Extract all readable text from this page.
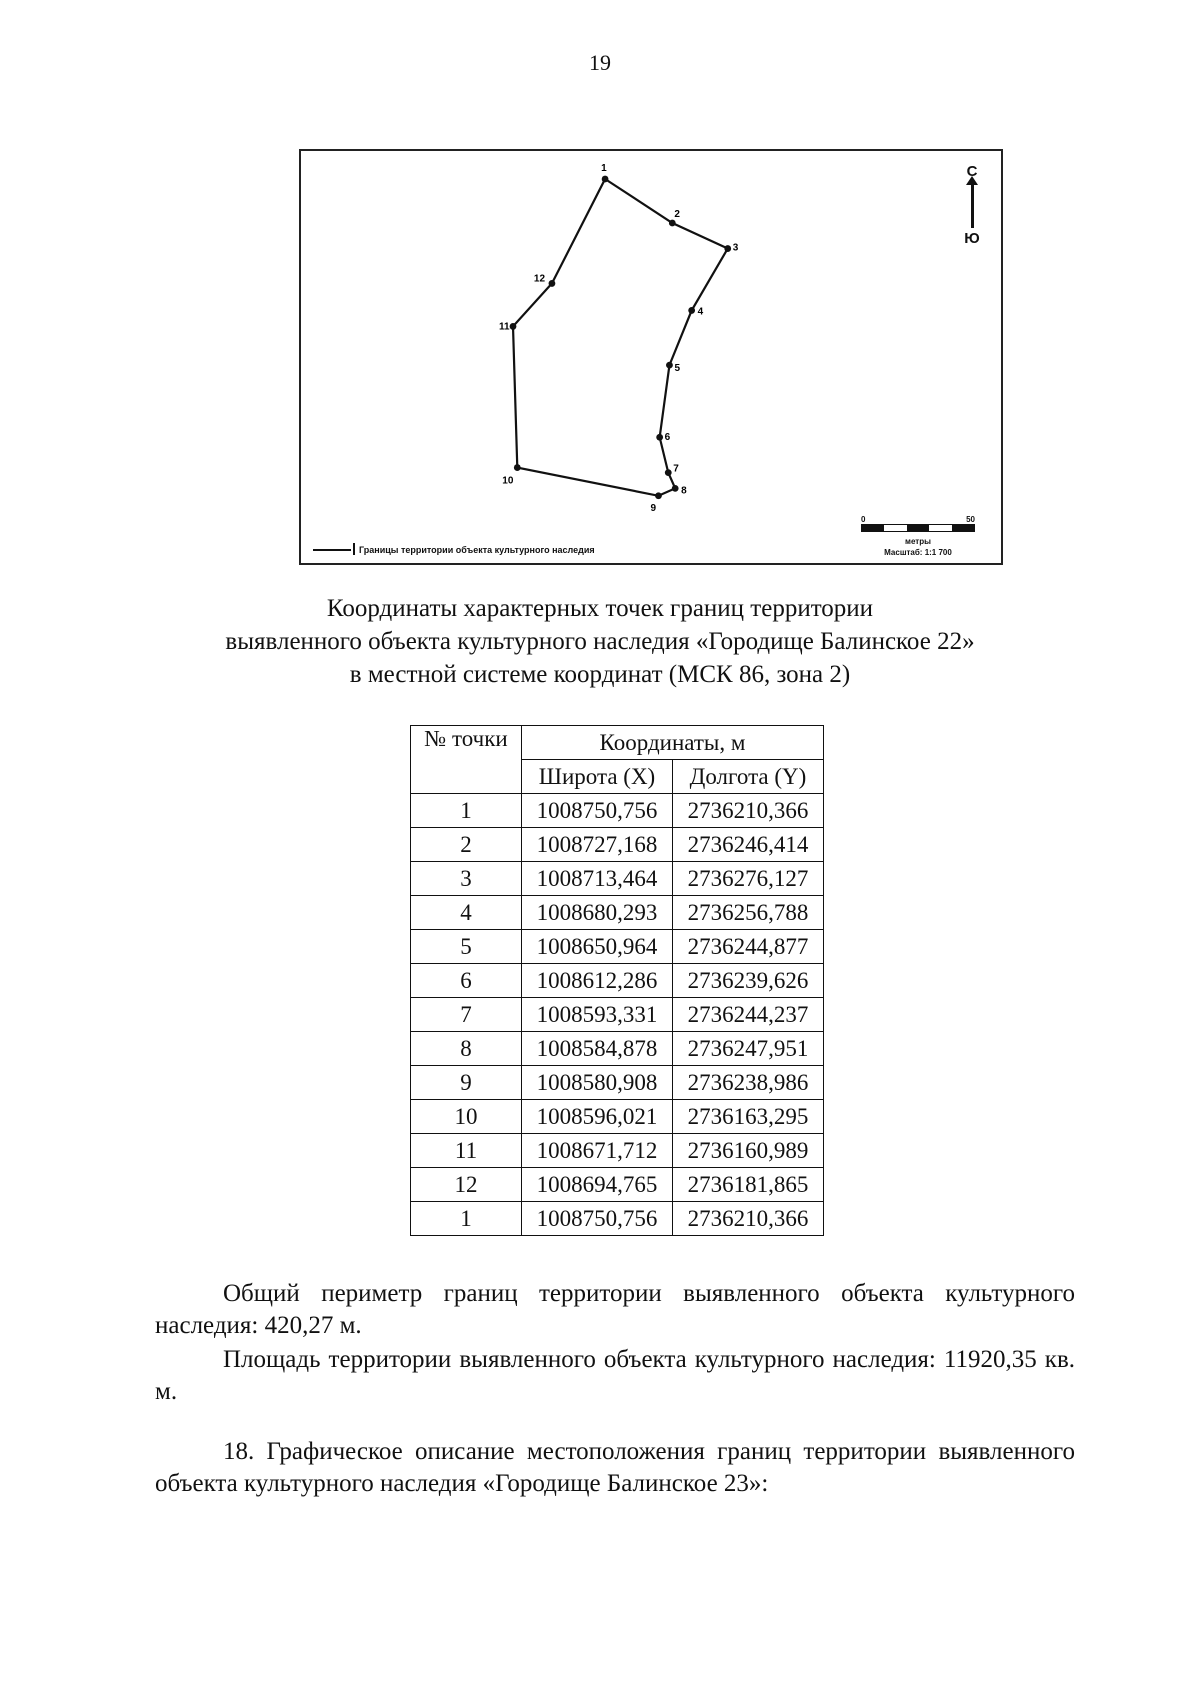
19
1
2
3
4
5
6
7
8
9
10
11
12
С
Ю
Границы территории объекта культурного наследия
0	50
метры
Масштаб: 1:1 700
Координаты характерных точек границ территории
выявленного объекта культурного наследия «Городище Балинское 22»
в местной системе координат (МСК 86, зона 2)
№ точки	Координаты, м	
	Широта (X)	Долгота (Y)
1	1008750,756	2736210,366
2	1008727,168	2736246,414
3	1008713,464	2736276,127
4	1008680,293	2736256,788
5	1008650,964	2736244,877
6	1008612,286	2736239,626
7	1008593,331	2736244,237
8	1008584,878	2736247,951
9	1008580,908	2736238,986
10	1008596,021	2736163,295
11	1008671,712	2736160,989
12	1008694,765	2736181,865
1	1008750,756	2736210,366
Общий периметр границ территории выявленного объекта культурного наследия: 420,27 м.
Площадь территории выявленного объекта культурного наследия: 11920,35 кв. м.
18. Графическое описание местоположения границ территории выявленного объекта культурного наследия «Городище Балинское 23»:
